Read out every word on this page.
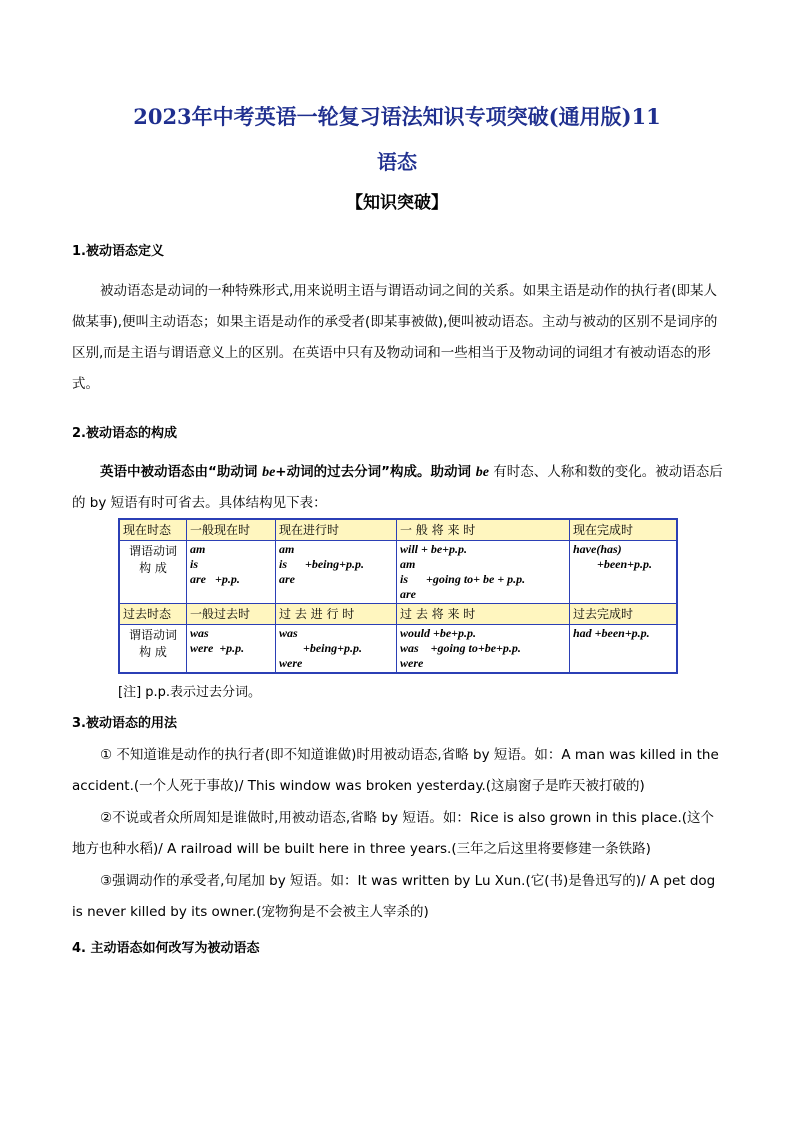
2023年中考英语一轮复习语法知识专项突破(通用版)11
语态
【知识突破】
1.被动语态定义
被动语态是动词的一种特殊形式,用来说明主语与谓语动词之间的关系。如果主语是动作的执行者(即某人做某事),便叫主动语态；如果主语是动作的承受者(即某事被做),便叫被动语态。主动与被动的区别不是词序的区别,而是主语与谓语意义上的区别。在英语中只有及物动词和一些相当于及物动词的词组才有被动语态的形式。
2.被动语态的构成
英语中被动语态由“助动词 be+动词的过去分词”构成。助动词 be 有时态、人称和数的变化。被动语态后的 by 短语有时可省去。具体结构见下表：
现在时态	一般现在时	现在进行时	一 般 将 来 时	现在完成时
谓语动词 构 成	am
is
are   +p.p.	am
is      +being+p.p.
are	will + be+p.p.
am
is      +going to+ be + p.p.
are	have(has)
+been+p.p.
过去时态	一般过去时	过 去 进 行 时	过 去 将 来 时	过去完成时
谓语动词 构 成	was
were  +p.p.	was
+being+p.p.
were	would +be+p.p.
was    +going to+be+p.p.
were	had +been+p.p.
[注] p.p.表示过去分词。
3.被动语态的用法
① 不知道谁是动作的执行者(即不知道谁做)时用被动语态,省略 by 短语。如：A man was killed in the accident.(一个人死于事故)/ This window was broken yesterday.(这扇窗子是昨天被打破的)
②不说或者众所周知是谁做时,用被动语态,省略 by 短语。如：Rice is also grown in this place.(这个地方也种水稻)/ A railroad will be built here in three years.(三年之后这里将要修建一条铁路)
③强调动作的承受者,句尾加 by 短语。如：It was written by Lu Xun.(它(书)是鲁迅写的)/ A pet dog is never killed by its owner.(宠物狗是不会被主人宰杀的)
4. 主动语态如何改写为被动语态
